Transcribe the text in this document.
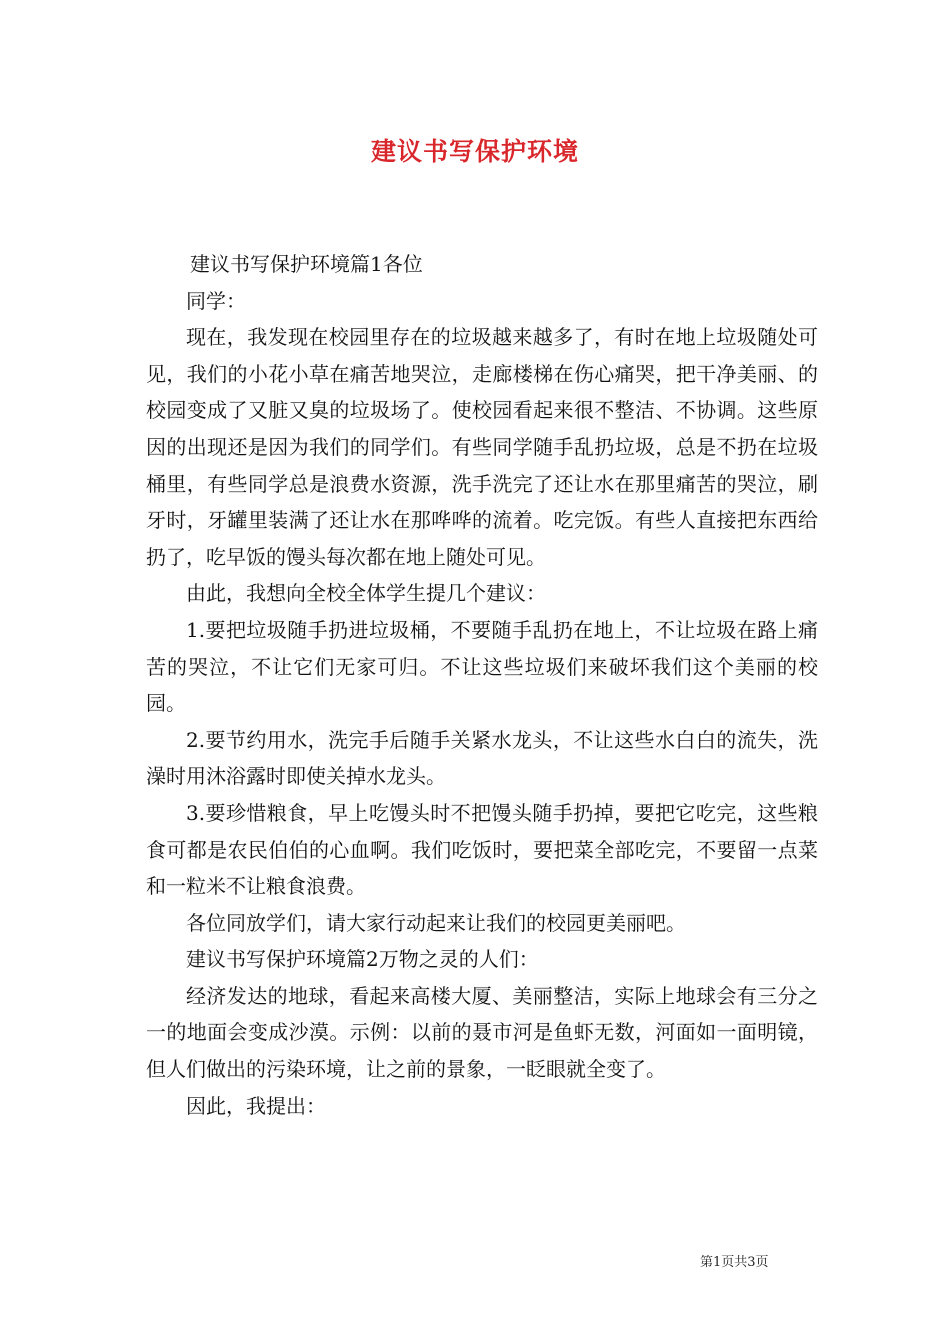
建议书写保护环境

建议书写保护环境篇1各位

同学：

现在，我发现在校园里存在的垃圾越来越多了，有时在地上垃圾随处可见，我们的小花小草在痛苦地哭泣，走廊楼梯在伤心痛哭，把干净美丽、的校园变成了又脏又臭的垃圾场了。使校园看起来很不整洁、不协调。这些原因的出现还是因为我们的同学们。有些同学随手乱扔垃圾，总是不扔在垃圾桶里，有些同学总是浪费水资源，洗手洗完了还让水在那里痛苦的哭泣，刷牙时，牙罐里装满了还让水在那哗哗的流着。吃完饭。有些人直接把东西给扔了，吃早饭的馒头每次都在地上随处可见。

由此，我想向全校全体学生提几个建议：

1.要把垃圾随手扔进垃圾桶，不要随手乱扔在地上，不让垃圾在路上痛苦的哭泣，不让它们无家可归。不让这些垃圾们来破坏我们这个美丽的校园。

2.要节约用水，洗完手后随手关紧水龙头，不让这些水白白的流失，洗澡时用沐浴露时即使关掉水龙头。

3.要珍惜粮食，早上吃馒头时不把馒头随手扔掉，要把它吃完，这些粮食可都是农民伯伯的心血啊。我们吃饭时，要把菜全部吃完，不要留一点菜和一粒米不让粮食浪费。

各位同放学们，请大家行动起来让我们的校园更美丽吧。

建议书写保护环境篇2万物之灵的人们：

经济发达的地球，看起来高楼大厦、美丽整洁，实际上地球会有三分之一的地面会变成沙漠。示例：以前的聂市河是鱼虾无数，河面如一面明镜，但人们做出的污染环境，让之前的景象，一眨眼就全变了。

因此，我提出：

第1页共3页
